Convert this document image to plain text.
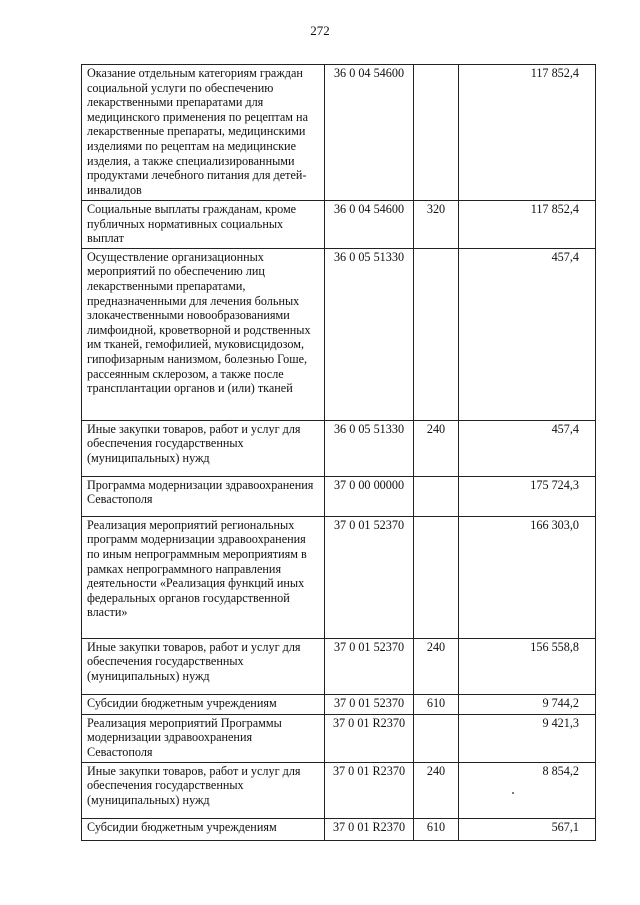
272
Оказание отдельным категориям граждан социальной услуги по обеспечению лекарственными препаратами для медицинского применения по рецептам на лекарственные препараты, медицинскими изделиями по рецептам на медицинские изделия, а также специализированными продуктами лечебного питания для детей-инвалидов	36 0 04 54600		117 852,4
Социальные выплаты гражданам, кроме публичных нормативных социальных выплат	36 0 04 54600	320	117 852,4
Осуществление организационных мероприятий по обеспечению лиц лекарственными препаратами, предназначенными для лечения больных злокачественными новообразованиями лимфоидной, кроветворной и родственных им тканей, гемофилией, муковисцидозом, гипофизарным нанизмом, болезнью Гоше, рассеянным склерозом, а также после трансплантации органов и (или) тканей	36 0 05 51330		457,4
Иные закупки товаров, работ и услуг для обеспечения государственных (муниципальных) нужд	36 0 05 51330	240	457,4
Программа модернизации здравоохранения Севастополя	37 0 00 00000		175 724,3
Реализация мероприятий региональных программ модернизации здравоохранения по иным непрограммным мероприятиям в рамках непрограммного направления деятельности «Реализация функций иных федеральных органов государственной власти»	37 0 01 52370		166 303,0
Иные закупки товаров, работ и услуг для обеспечения государственных (муниципальных) нужд	37 0 01 52370	240	156 558,8
Субсидии бюджетным учреждениям	37 0 01 52370	610	9 744,2
Реализация мероприятий Программы модернизации здравоохранения Севастополя	37 0 01 R2370		9 421,3
Иные закупки товаров, работ и услуг для обеспечения государственных (муниципальных) нужд	37 0 01 R2370	240	8 854,2
Субсидии бюджетным учреждениям	37 0 01 R2370	610	567,1
